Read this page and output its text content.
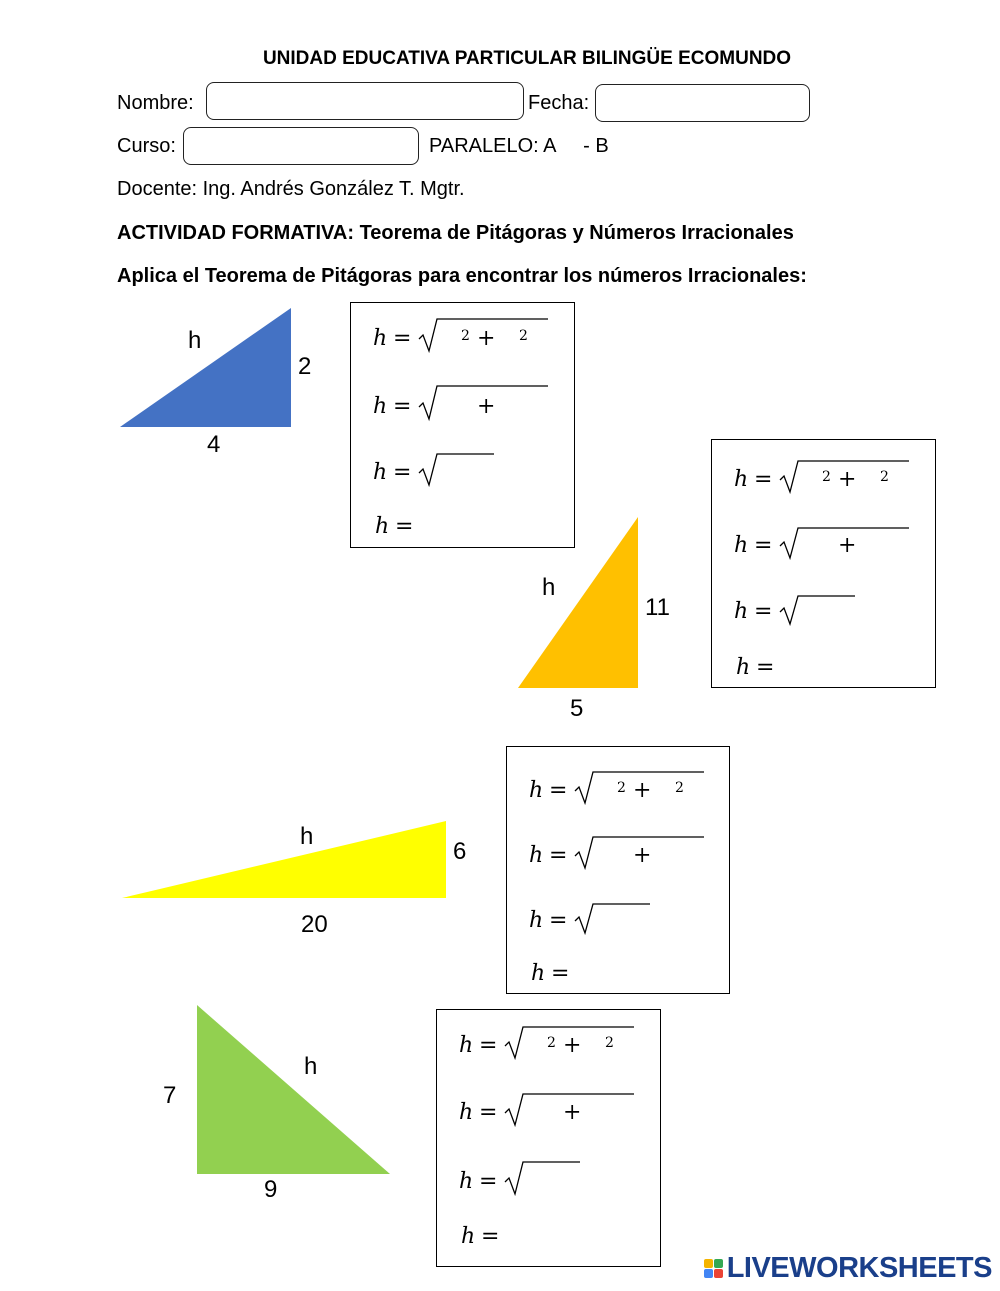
UNIDAD EDUCATIVA PARTICULAR BILINGÜE ECOMUNDO
Nombre:	Fecha:
Curso:	PARALELO: A     - B
Docente: Ing. Andrés González T. Mgtr.
ACTIVIDAD FORMATIVA: Teorema de Pitágoras y Números Irracionales
Aplica el Teorema de Pitágoras para encontrar los números Irracionales:
h
2
4
h
11
5
h
6
20
h
7
9
h =	2 + 2
h =	+
h =
h =
h =	2 + 2
h =	+
h =
h =
h =	2 + 2
h =	+
h =
h =
h =	2 + 2
h =	+
h =
h =
LIVEWORKSHEETS
